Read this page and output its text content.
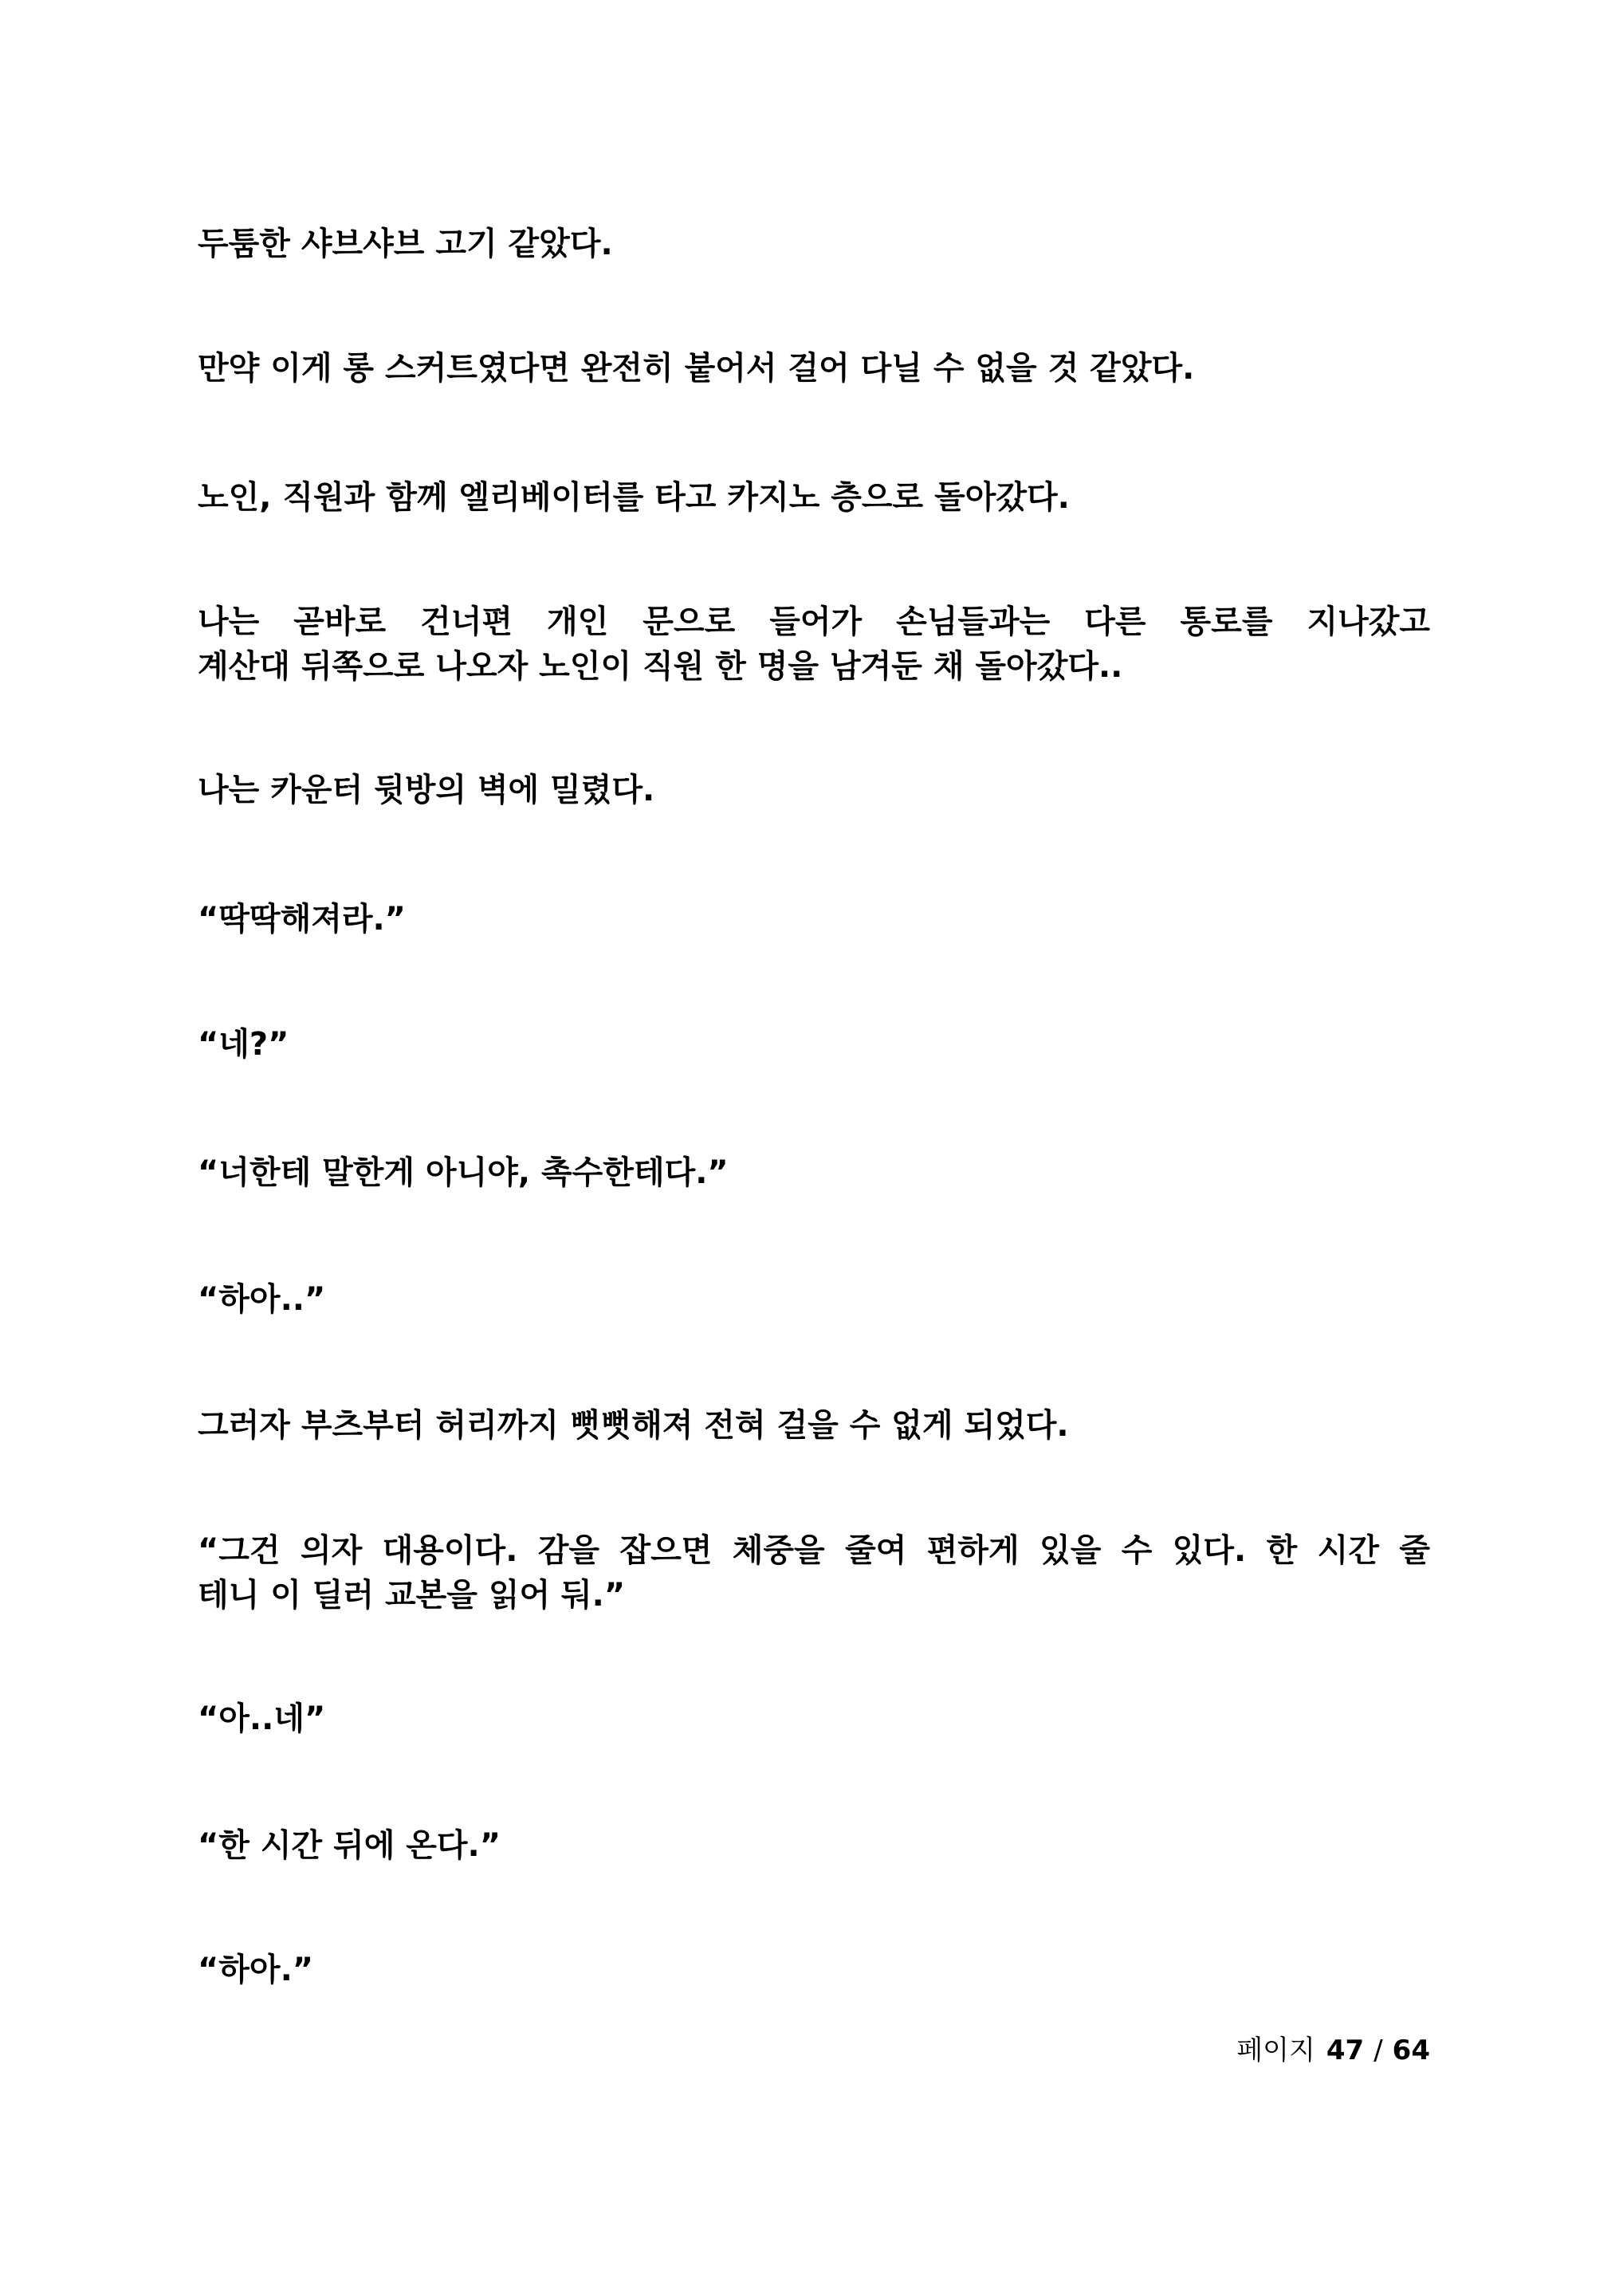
두툼한 샤브샤브 고기 같았다.

만약 이게 롱 스커트였다면 완전히 붙어서 걸어 다닐 수 없을 것 같았다.

노인, 직원과 함께 엘리베이터를 타고 카지노 층으로 돌아갔다.

나는 곧바로 건너편 개인 문으로 들어가 손님들과는 다른 통로를 지나갔고
계산대 뒤쪽으로 나오자 노인이 직원 한 명을 남겨둔 채 돌아갔다..

나는 카운터 뒷방의 벽에 밀렸다.

“딱딱해져라.”

“네?”

“너한테 말한게 아니야, 촉수한테다.”

“하아..”

그러자 부츠부터 허리까지 뻣뻣해져 전혀 걸을 수 없게 되었다.

“그건 의자 대용이다. 감을 잡으면 체중을 줄여 편하게 있을 수 있다. 한 시간 줄
테니 이 딜러 교본을 읽어 둬.”

“아..네”

“한 시간 뒤에 온다.”

“하아.”

페이지 47 / 64
